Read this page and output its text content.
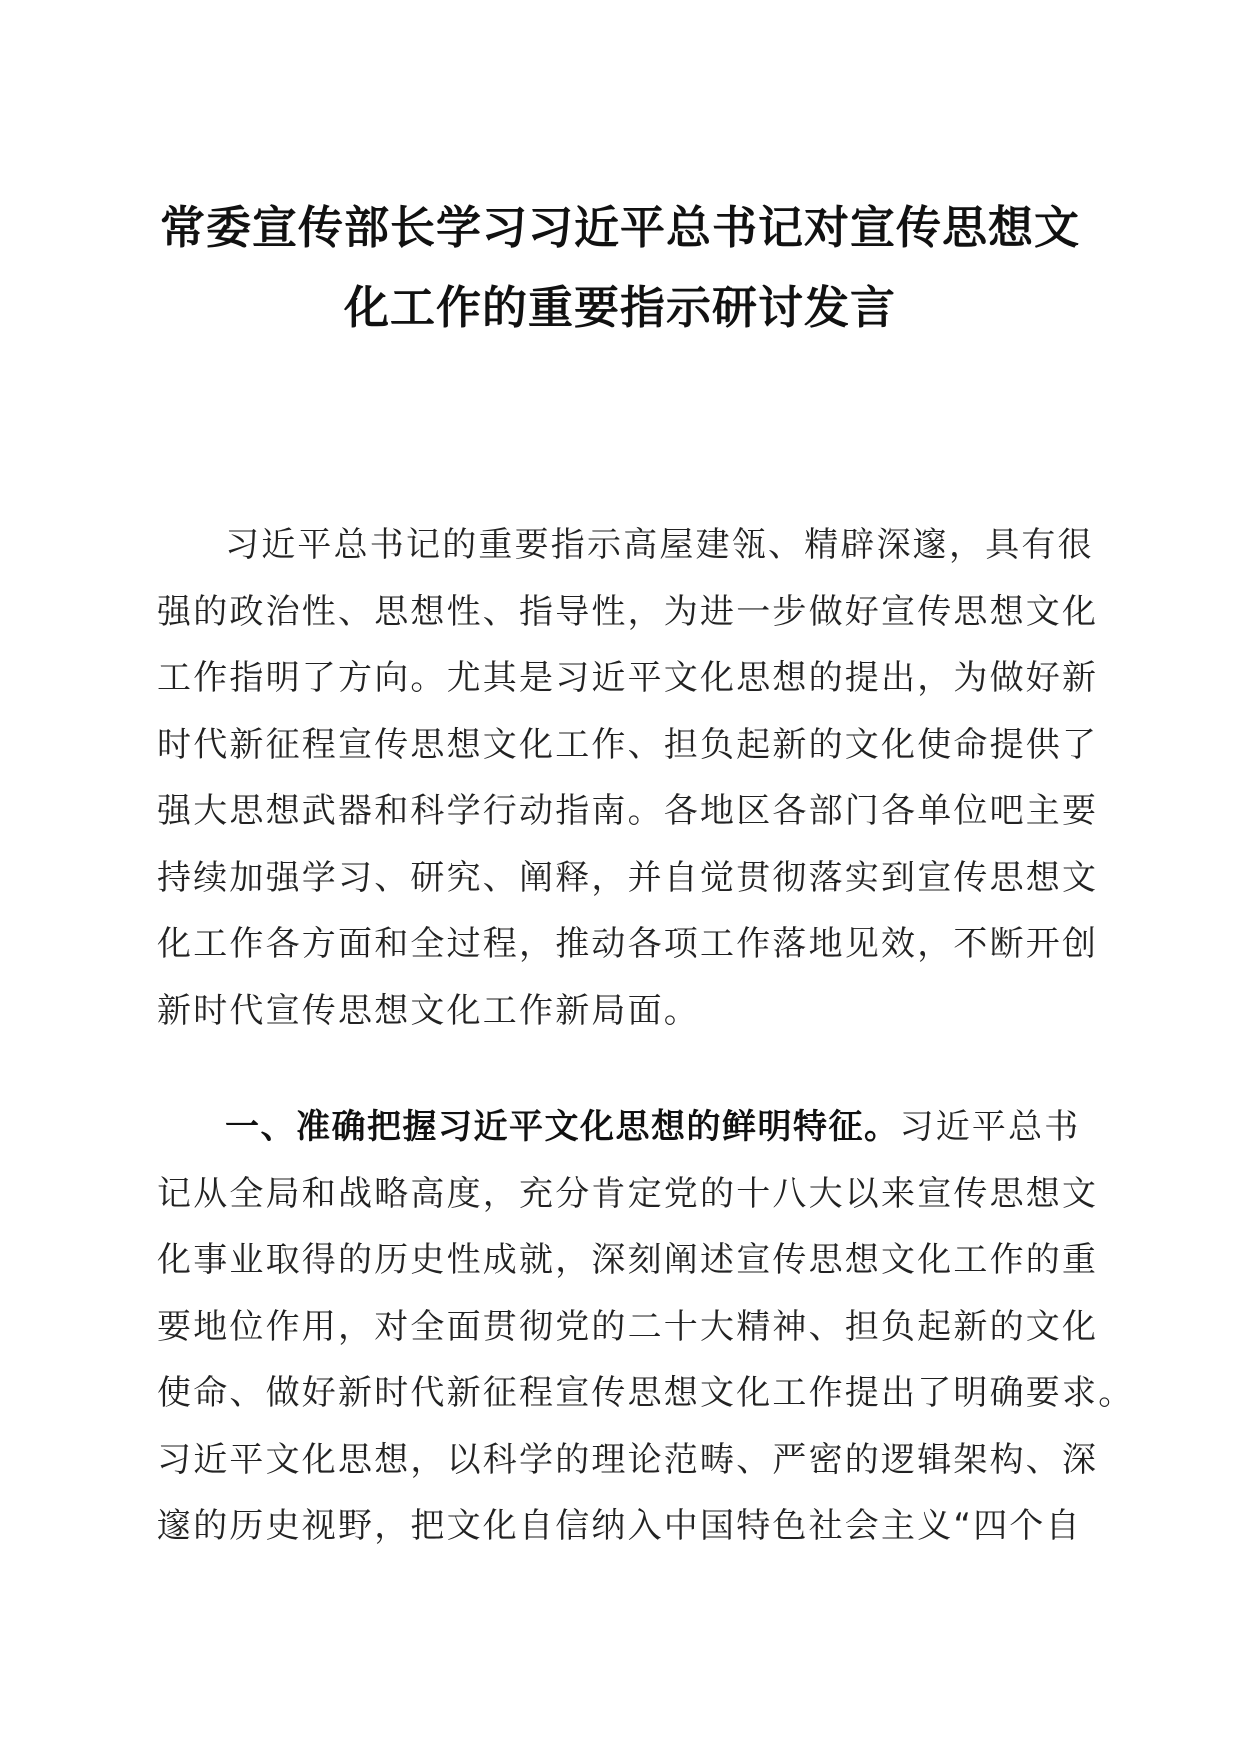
常委宣传部长学习习近平总书记对宣传思想文
化工作的重要指示研讨发言
习近平总书记的重要指示高屋建瓴、精辟深邃，具有很
强的政治性、思想性、指导性，为进一步做好宣传思想文化
工作指明了方向。尤其是习近平文化思想的提出，为做好新
时代新征程宣传思想文化工作、担负起新的文化使命提供了
强大思想武器和科学行动指南。各地区各部门各单位吧主要
持续加强学习、研究、阐释，并自觉贯彻落实到宣传思想文
化工作各方面和全过程，推动各项工作落地见效，不断开创
新时代宣传思想文化工作新局面。
一、准确把握习近平文化思想的鲜明特征。习近平总书
记从全局和战略高度，充分肯定党的十八大以来宣传思想文
化事业取得的历史性成就，深刻阐述宣传思想文化工作的重
要地位作用，对全面贯彻党的二十大精神、担负起新的文化
使命、做好新时代新征程宣传思想文化工作提出了明确要求。
习近平文化思想，以科学的理论范畴、严密的逻辑架构、深
邃的历史视野，把文化自信纳入中国特色社会主义“四个自
